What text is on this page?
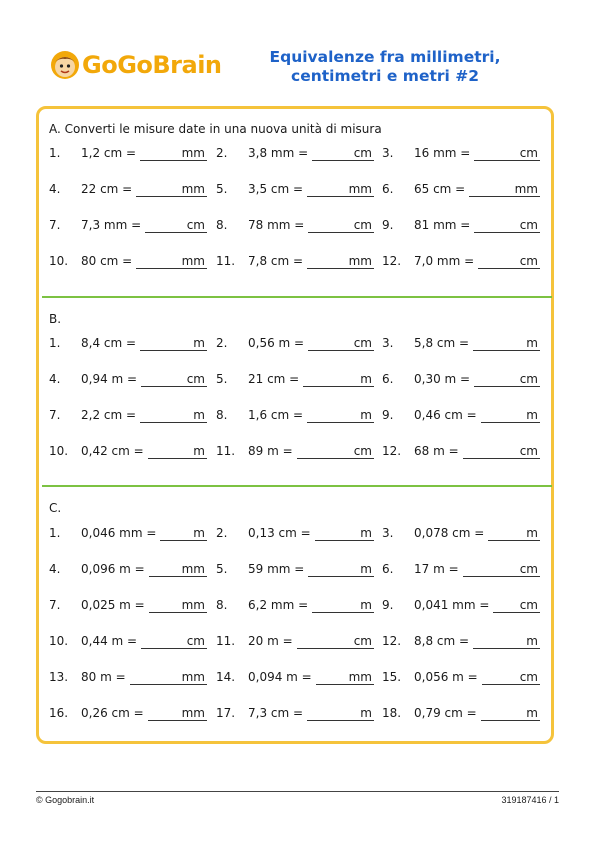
GoGoBrain	Equivalenze fra millimetri,
centimetri e metri #2
A. Converti le misure date in una nuova unità di misura
B.
C.
1. 1,2 cm =	mm 2. 3,8 mm =	cm 3. 16 mm =	cm
4. 22 cm =	mm 5. 3,5 cm =	mm 6. 65 cm =	mm
7. 7,3 mm =	cm 8. 78 mm =	cm 9. 81 mm =	cm
10. 80 cm =	mm 11. 7,8 cm =	mm 12. 7,0 mm =	cm
1. 8,4 cm =	m 2. 0,56 m =	cm 3. 5,8 cm =	m
4. 0,94 m =	cm 5. 21 cm =	m 6. 0,30 m =	cm
7. 2,2 cm =	m 8. 1,6 cm =	m 9. 0,46 cm =	m
10. 0,42 cm =	m 11. 89 m =	cm 12. 68 m =	cm
1. 0,046 mm =	m 2. 0,13 cm =	m 3. 0,078 cm =	m
4. 0,096 m =	mm 5. 59 mm =	m 6. 17 m =	cm
7. 0,025 m =	mm 8. 6,2 mm =	m 9. 0,041 mm =	cm
10. 0,44 m =	cm 11. 20 m =	cm 12. 8,8 cm =	m
13. 80 m =	mm 14. 0,094 m =	mm 15. 0,056 m =	cm
16. 0,26 cm =	mm 17. 7,3 cm =	m 18. 0,79 cm =	m
© Gogobrain.it	319187416 / 1
